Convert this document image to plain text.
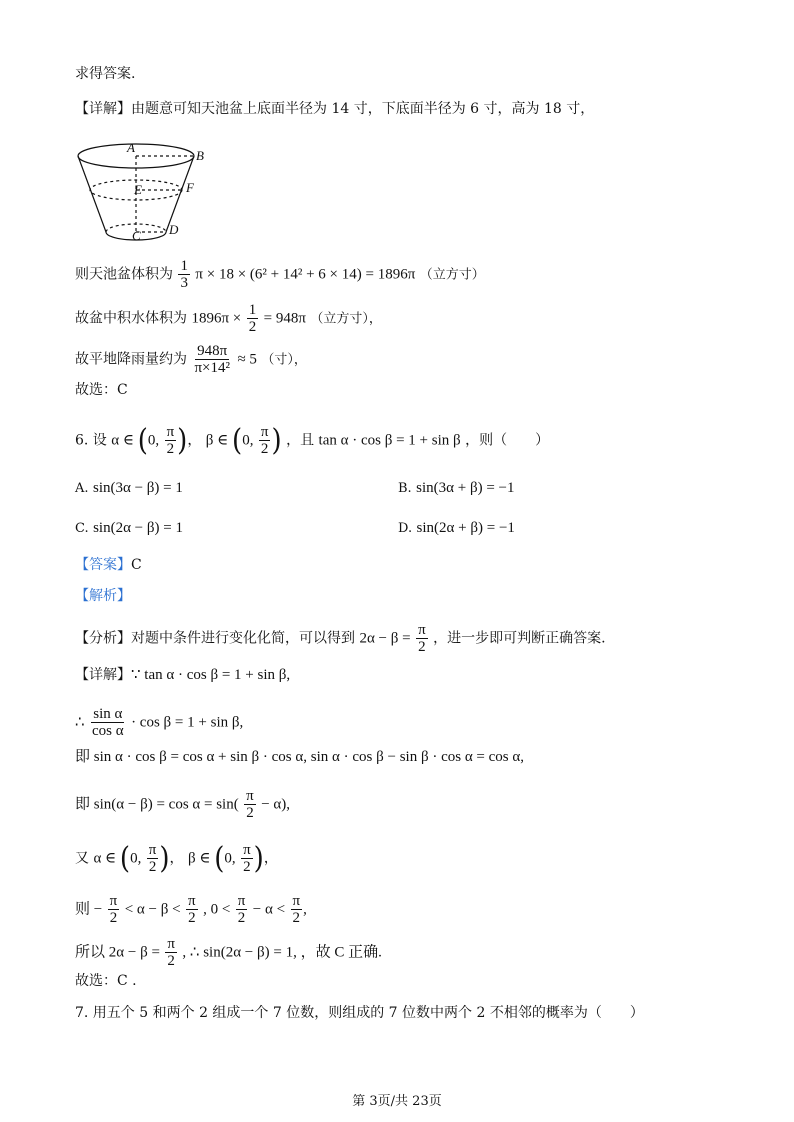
求得答案.
【详解】由题意可知天池盆上底面半径为 14 寸，下底面半径为 6 寸，高为 18 寸，
A
B
E	F
C D
则天池盆体积为 $\frac{1}{3}$ π × 18 × (6² + 14² + 6 × 14) = 1896π （立方寸）
故盆中积水体积为 $1896\pi \times \frac{1}{2} = 948\pi$ （立方寸），
故平地降雨量约为 $\frac{948\pi}{\text{π×14²}} \approx 5$ （寸），
故选：C
6. 设 α ∈ (0, $\frac{\pi}{2}$ )， β ∈ (0, $\frac{\pi}{2}$ ) ，且 tan α · cos β = 1 + sin β ，则（　　）
A. sin(3α − β) = 1	B. sin(3α + β) = −1
C. sin(2α − β) = 1	D. sin(2α + β) = −1
【答案】C
【解析】
【分析】对题中条件进行变化化简，可以得到 $2\alpha - \beta = \frac{\pi}{2}$ ，进一步即可判断正确答案.
【详解】∵ tan α · cos β = 1 + sin β,
∴ $\frac{\text{sin α}}{\text{cos α}} \cdot \cos \beta = 1 + \sin \beta$,
即 sin α · cos β = cos α + sin β · cos α, sin α · cos β − sin β · cos α = cos α,
即 $\sin(\alpha - \beta) = \cos \alpha = \sin( \frac{\pi}{2} - \alpha)$,
又 α ∈ (0, $\frac{\pi}{2}$ )， β ∈ (0, $\frac{\pi}{2}$ )，
则 − $\frac{\pi}{2} < \alpha - \beta < \frac{\pi}{2}$ , $0 < \frac{\pi}{2} - \alpha < \frac{\pi}{2}$ ,
所以 $2\alpha - \beta = \frac{\pi}{2}$ , ∴ sin(2α − β) = 1, ，故 C 正确.
故选：C .
7. 用五个 5 和两个 2 组成一个 7 位数，则组成的 7 位数中两个 2 不相邻的概率为（　　）
第 3页/共 23页
